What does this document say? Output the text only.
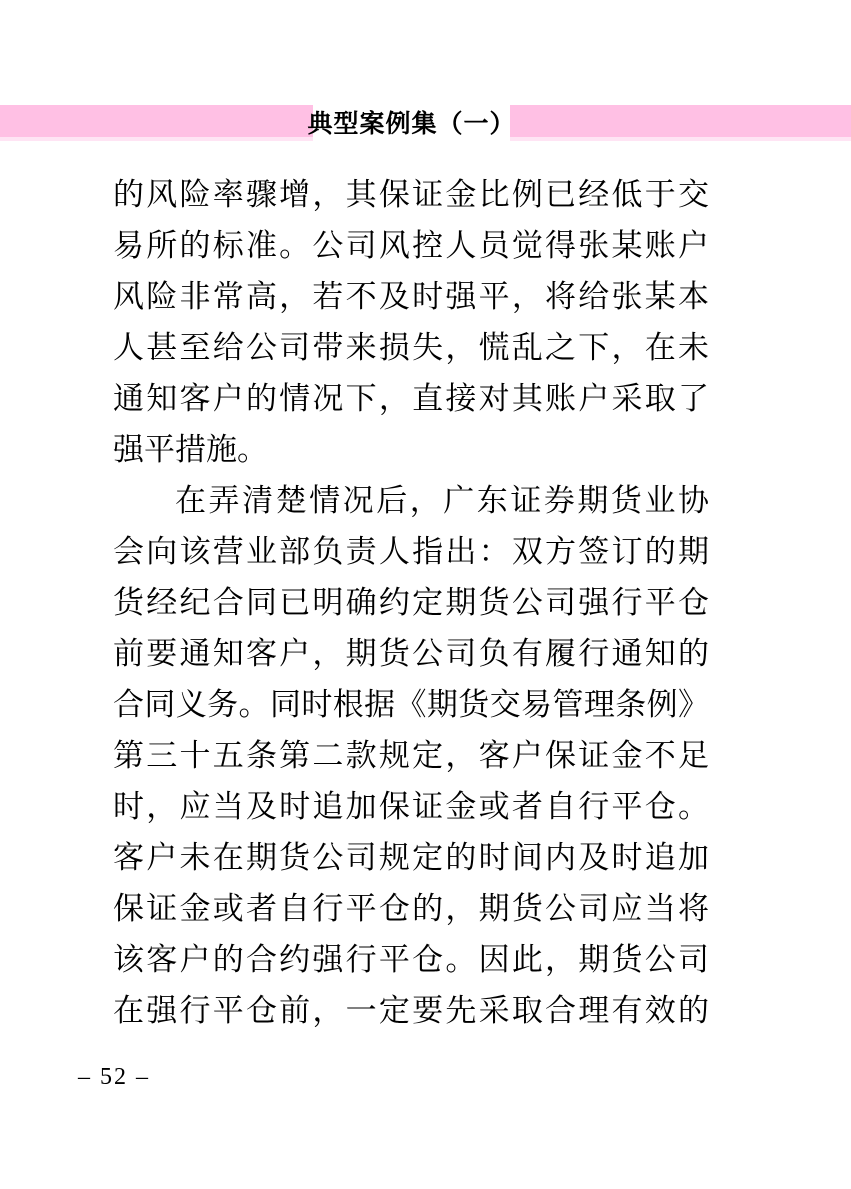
典型案例集（一）
的风险率骤增，其保证金比例已经低于交
易所的标准。公司风控人员觉得张某账户
风险非常高，若不及时强平，将给张某本
人甚至给公司带来损失，慌乱之下，在未
通知客户的情况下，直接对其账户采取了
强平措施。
在弄清楚情况后，广东证券期货业协
会向该营业部负责人指出：双方签订的期
货经纪合同已明确约定期货公司强行平仓
前要通知客户，期货公司负有履行通知的
合同义务。同时根据《期货交易管理条例》
第三十五条第二款规定，客户保证金不足
时，应当及时追加保证金或者自行平仓。
客户未在期货公司规定的时间内及时追加
保证金或者自行平仓的，期货公司应当将
该客户的合约强行平仓。因此，期货公司
在强行平仓前，一定要先采取合理有效的
– 52 –
